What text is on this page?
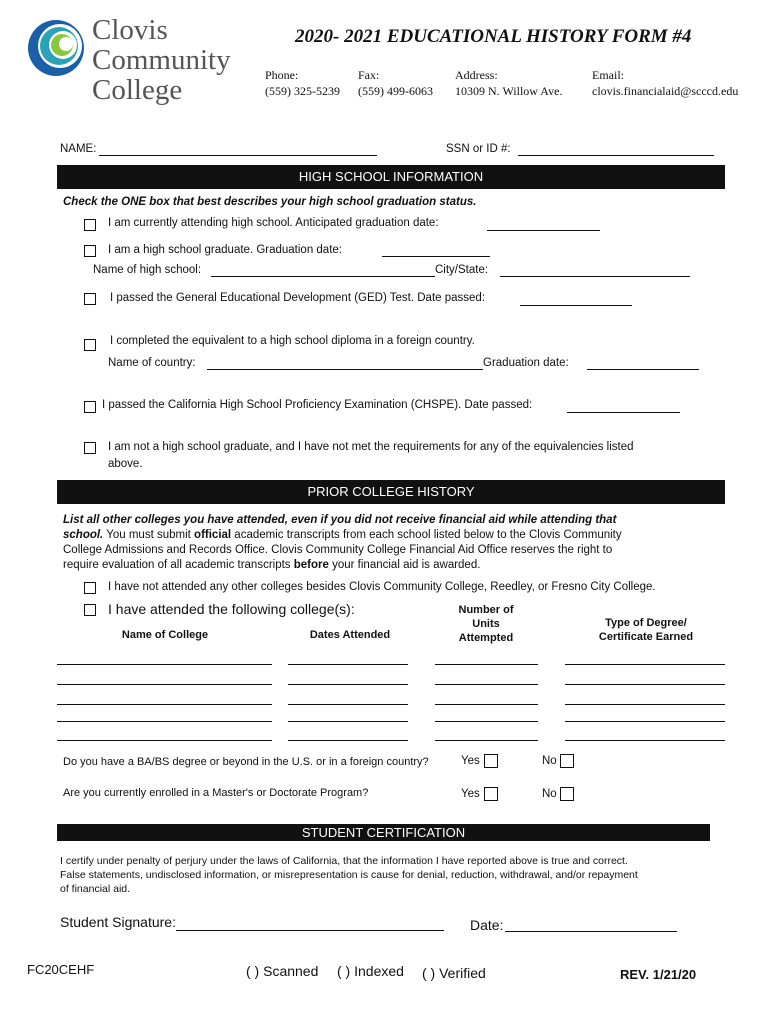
Clovis
Community
College
2020- 2021 EDUCATIONAL HISTORY FORM #4
Phone:
(559) 325-5239
Fax:
(559) 499-6063
Address:
10309 N. Willow Ave.
Email:
clovis.financialaid@scccd.edu
NAME:	SSN or ID #:
HIGH SCHOOL INFORMATION
Check the ONE box that best describes your high school graduation status.
I am currently attending high school. Anticipated graduation date:
I am a high school graduate. Graduation date:
Name of high school:	City/State:
I passed the General Educational Development (GED) Test. Date passed:
I completed the equivalent to a high school diploma in a foreign country.
Name of country:	Graduation date:
I passed the California High School Proficiency Examination (CHSPE). Date passed:
I am not a high school graduate, and I have not met the requirements for any of the equivalencies listed
above.
PRIOR COLLEGE HISTORY
List all other colleges you have attended, even if you did not receive financial aid while attending that
school. You must submit official academic transcripts from each school listed below to the Clovis Community
College Admissions and Records Office. Clovis Community College Financial Aid Office reserves the right to
require evaluation of all academic transcripts before your financial aid is awarded.
I have not attended any other colleges besides Clovis Community College, Reedley, or Fresno City College.
I have attended the following college(s):
Name of College	Dates Attended
Number of Units Attempted
Type of Degree/ Certificate Earned
Do you have a BA/BS degree or beyond in the U.S. or in a foreign country?	Yes	No
Are you currently enrolled in a Master's or Doctorate Program?	Yes	No
STUDENT CERTIFICATION
I certify under penalty of perjury under the laws of California, that the information I have reported above is true and correct.
False statements, undisclosed information, or misrepresentation is cause for denial, reduction, withdrawal, and/or repayment
of financial aid.
Student Signature:	Date:
FC20CEHF	( ) Scanned ( ) Indexed ( ) Verified	REV. 1/21/20
